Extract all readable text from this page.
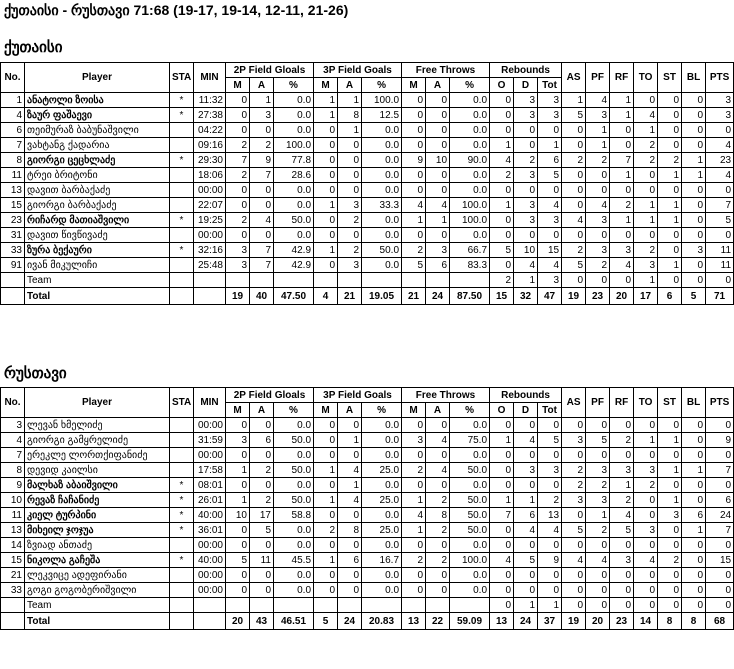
ქუთაისი - რუსთავი 71:68 (19-17, 19-14, 12-11, 21-26)
ქუთაისი
No.	Player	STA	MIN	2P Field Gloals			3P Field Goals			Free Throws			Rebounds			AS	PF	RF	TO	ST	BL	PTS
				M	A	%	M	A	%	M	A	%	O	D	Tot							
1	ანატოლი ზოისა	*	11:32	0	1	0.0	1	1	100.0	0	0	0.0	0	3	3	1	4	1	0	0	0	3
4	ზაურ ფაშაევი	*	27:38	0	3	0.0	1	8	12.5	0	0	0.0	0	3	3	5	3	1	4	0	0	3
6	თეიმურაზ ბაბუნაშვილი		04:22	0	0	0.0	0	1	0.0	0	0	0.0	0	0	0	0	1	0	1	0	0	0
7	ვახტანგ ქადარია		09:16	2	2	100.0	0	0	0.0	0	0	0.0	1	0	1	0	1	0	2	0	0	4
8	გიორგი ცეცხლაძე	*	29:30	7	9	77.8	0	0	0.0	9	10	90.0	4	2	6	2	2	7	2	2	1	23
11	ტრეი ბრიტონი		18:06	2	7	28.6	0	0	0.0	0	0	0.0	2	3	5	0	0	1	0	1	1	4
13	დავით ბარბაქაძე		00:00	0	0	0.0	0	0	0.0	0	0	0.0	0	0	0	0	0	0	0	0	0	0
15	გიორგი ბარბაქაძე		22:07	0	0	0.0	1	3	33.3	4	4	100.0	1	3	4	0	4	2	1	1	0	7
23	რიჩარდ მათიაშვილი	*	19:25	2	4	50.0	0	2	0.0	1	1	100.0	0	3	3	4	3	1	1	1	0	5
31	დავით წივწივაძე		00:00	0	0	0.0	0	0	0.0	0	0	0.0	0	0	0	0	0	0	0	0	0	0
33	ზურა ბექაური	*	32:16	3	7	42.9	1	2	50.0	2	3	66.7	5	10	15	2	3	3	2	0	3	11
91	ივან მიკულიჩი		25:48	3	7	42.9	0	3	0.0	5	6	83.3	0	4	4	5	2	4	3	1	0	11
	Team												2	1	3	0	0	0	1	0	0	0
	Total			19	40	47.50	4	21	19.05	21	24	87.50	15	32	47	19	23	20	17	6	5	71
რუსთავი
No.	Player	STA	MIN	2P Field Gloals			3P Field Goals			Free Throws			Rebounds			AS	PF	RF	TO	ST	BL	PTS
				M	A	%	M	A	%	M	A	%	O	D	Tot							
3	ლევან ხმელიძე		00:00	0	0	0.0	0	0	0.0	0	0	0.0	0	0	0	0	0	0	0	0	0	0
4	გიორგი გამყრელიძე		31:59	3	6	50.0	0	1	0.0	3	4	75.0	1	4	5	3	5	2	1	1	0	9
7	ერეკლე ლორთქიფანიძე		00:00	0	0	0.0	0	0	0.0	0	0	0.0	0	0	0	0	0	0	0	0	0	0
8	დევიდ კაილსი		17:58	1	2	50.0	1	4	25.0	2	4	50.0	0	3	3	2	3	3	3	1	1	7
9	მალხაზ აბაიშვილი	*	08:01	0	0	0.0	0	1	0.0	0	0	0.0	0	0	0	2	2	1	2	0	0	0
10	რევაზ ჩაჩანიძე	*	26:01	1	2	50.0	1	4	25.0	1	2	50.0	1	1	2	3	3	2	0	1	0	6
11	კიელ ტურპინი	*	40:00	10	17	58.8	0	0	0.0	4	8	50.0	7	6	13	0	1	4	0	3	6	24
13	მიხეილ ჯოჯუა	*	36:01	0	5	0.0	2	8	25.0	1	2	50.0	0	4	4	5	2	5	3	0	1	7
14	ზვიად ანთაძე		00:00	0	0	0.0	0	0	0.0	0	0	0.0	0	0	0	0	0	0	0	0	0	0
15	ნიკოლა გაჩეშა	*	40:00	5	11	45.5	1	6	16.7	2	2	100.0	4	5	9	4	4	3	4	2	0	15
21	ლეკვიცე ადეფირანი		00:00	0	0	0.0	0	0	0.0	0	0	0.0	0	0	0	0	0	0	0	0	0	0
33	გოგი გოგობერიშვილი		00:00	0	0	0.0	0	0	0.0	0	0	0.0	0	0	0	0	0	0	0	0	0	0
	Team												0	1	1	0	0	0	0	0	0	0
	Total			20	43	46.51	5	24	20.83	13	22	59.09	13	24	37	19	20	23	14	8	8	68
